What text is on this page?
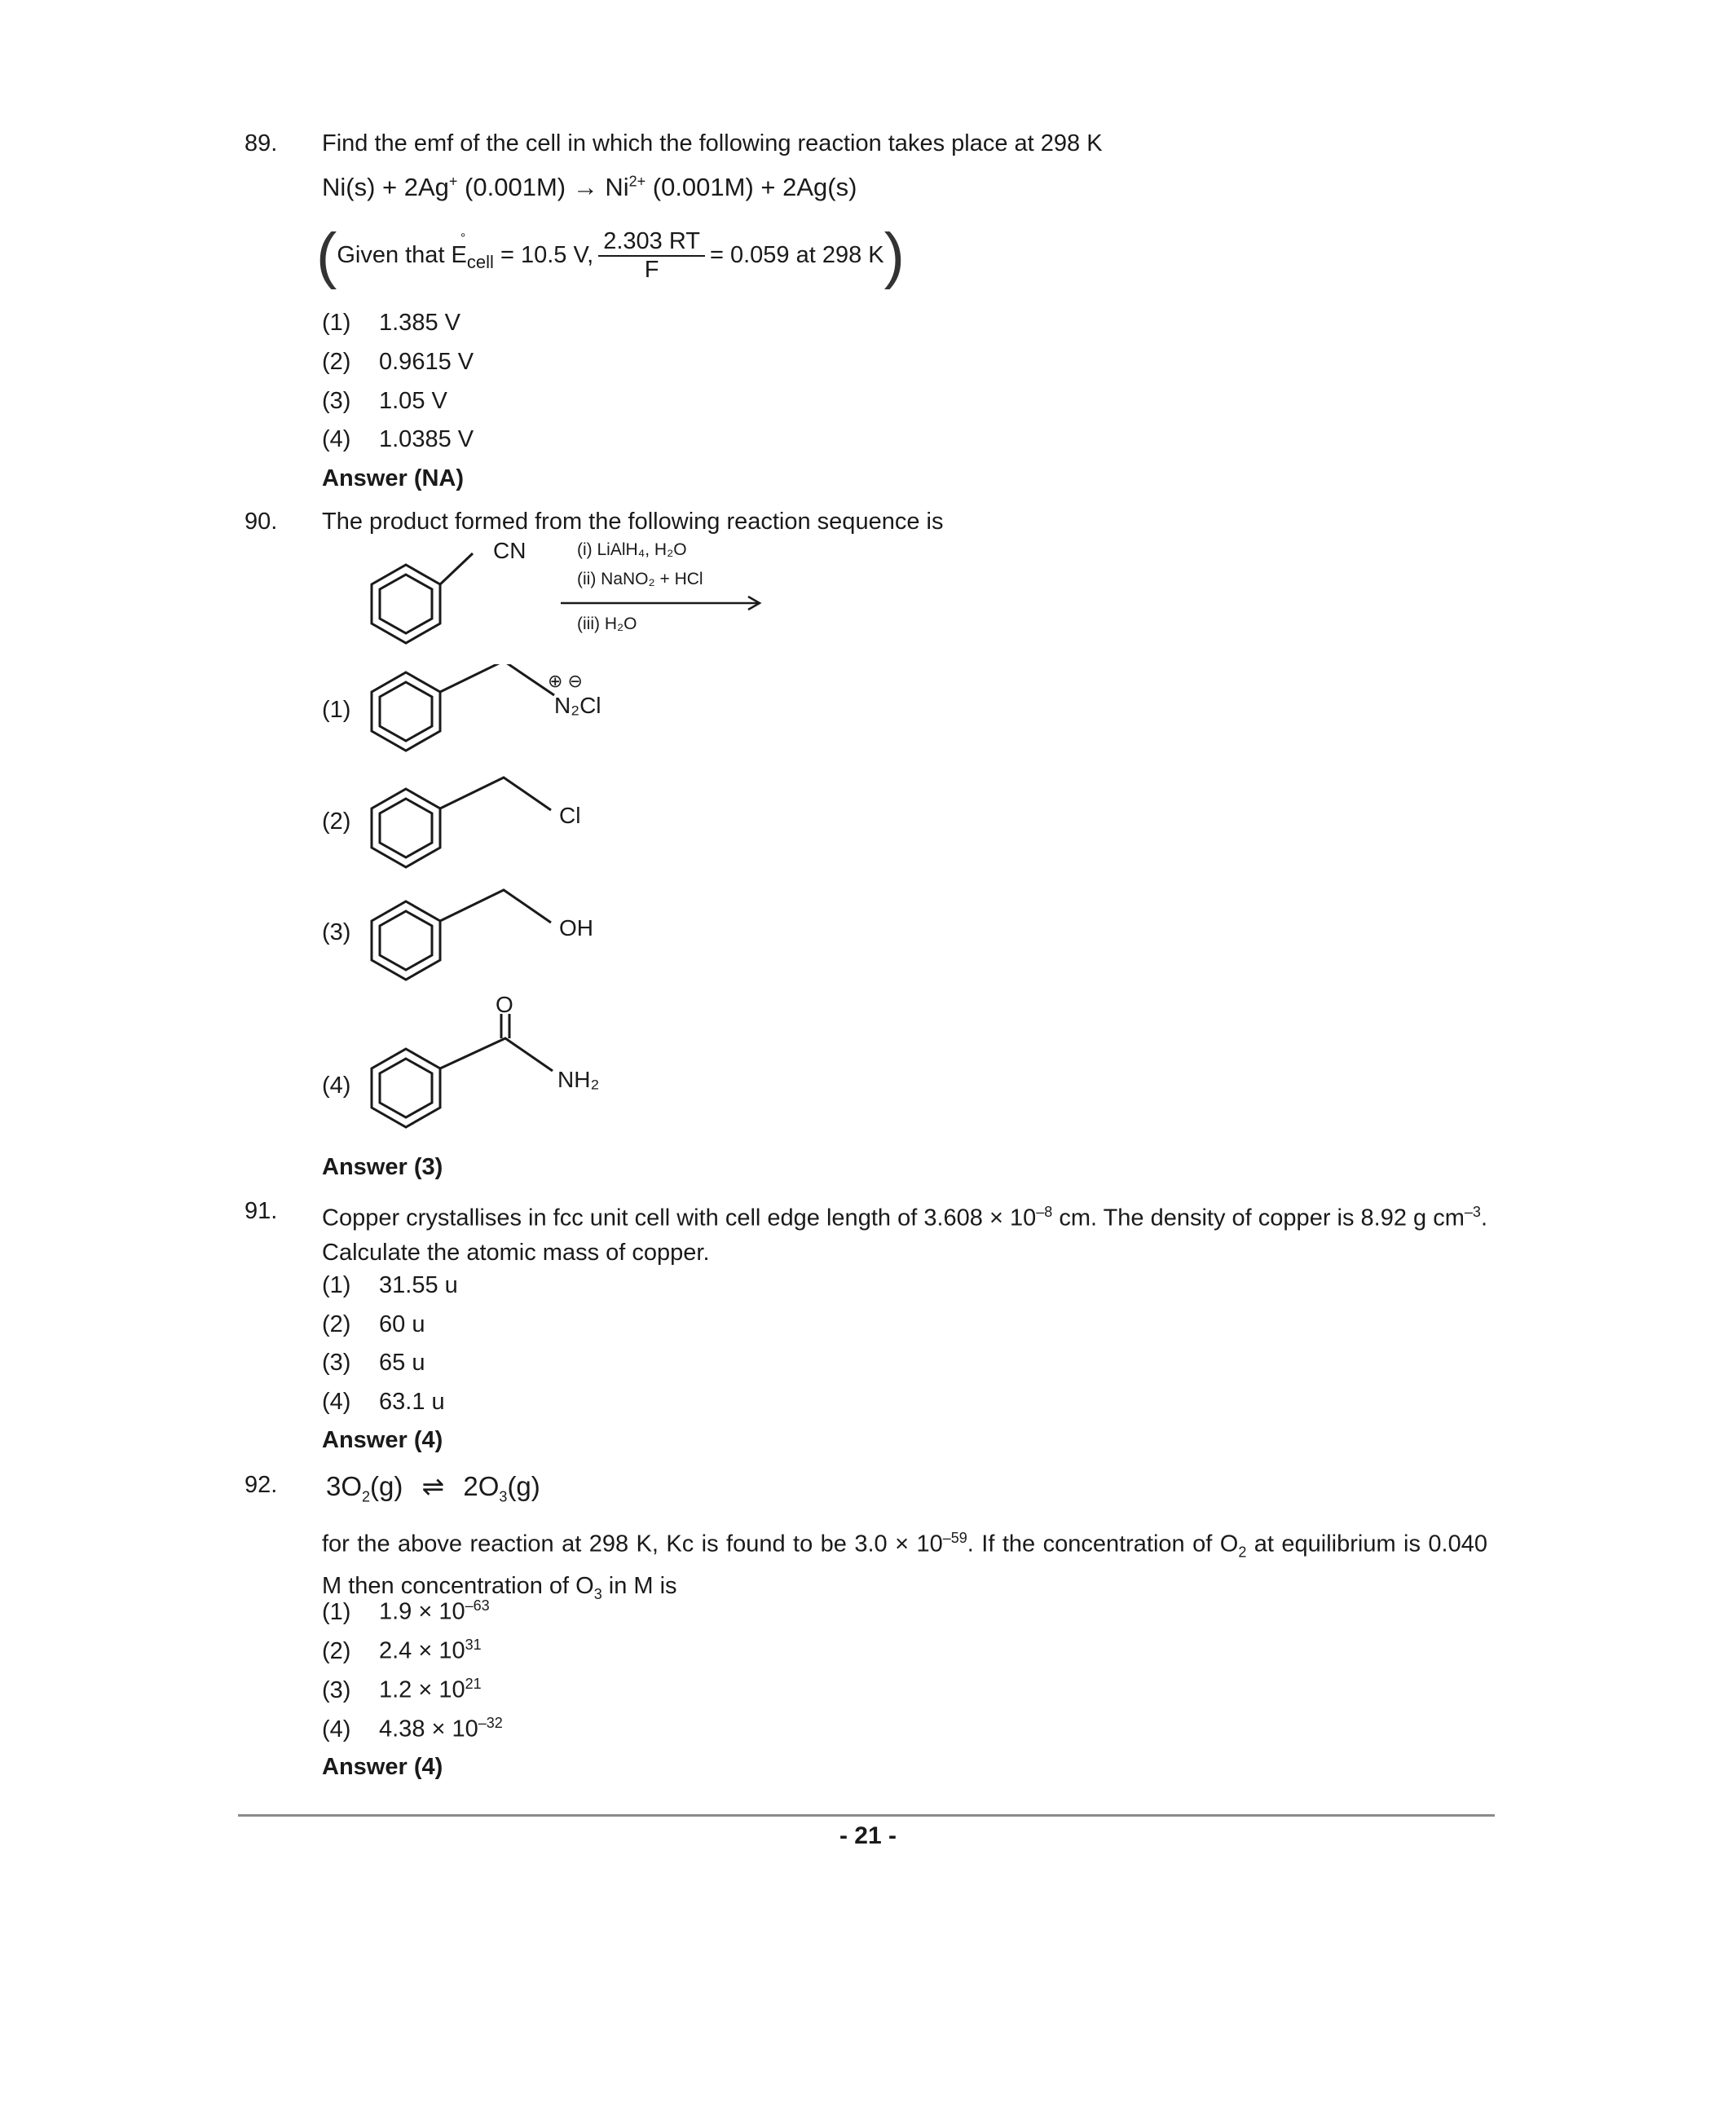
89. Find the emf of the cell in which the following reaction takes place at 298 K
Ni(s) + 2Ag+ $(0.001M) \to Ni^{2+}$ (0.001M) + 2Ag(s)
(Given that E
°
$_{cell}$ = 10.5 V, $\frac{2.303 RT}{F} = 0.059$ at 298 K)
(1) 1.385 V
(2) 0.9615 V
(3) 1.05 V
(4) 1.0385 V
Answer (NA)
90. The product formed from the following reaction sequence is
CN	(i) LiAlH₄, H₂O
(ii) NaNO₂ + HCl
(iii) H₂O
(1)
⊕ ⊖
N₂Cl
(2)	Cl
(3)	OH
(4)
O
NH₂
Answer (3)
91. Copper crystallises in fcc unit cell with cell edge length of $3.608 \times 10^{-8}$ cm. The density of copper is 8.92 g $cm^{-3}$. Calculate the atomic mass of copper.
(1) 31.55 u
(2) 60 u
(3) 65 u
(4) 63.1 u
Answer (4)
92. $3O_2(g)$ ⇌ $2O_3(g)$
for the above reaction at 298 K, Kc is found to be $3.0 \times 10^{-59}$. If the concentration of $O_2$ at equilibrium is 0.040 M then concentration of $O_3$ in M is
(1) $1.9 \times 10^{-63}$
(2) $2.4 \times 10^{31}$
(3) $1.2 \times 10^{21}$
(4) $4.38 \times 10^{-32}$
Answer (4)
- 21 -
